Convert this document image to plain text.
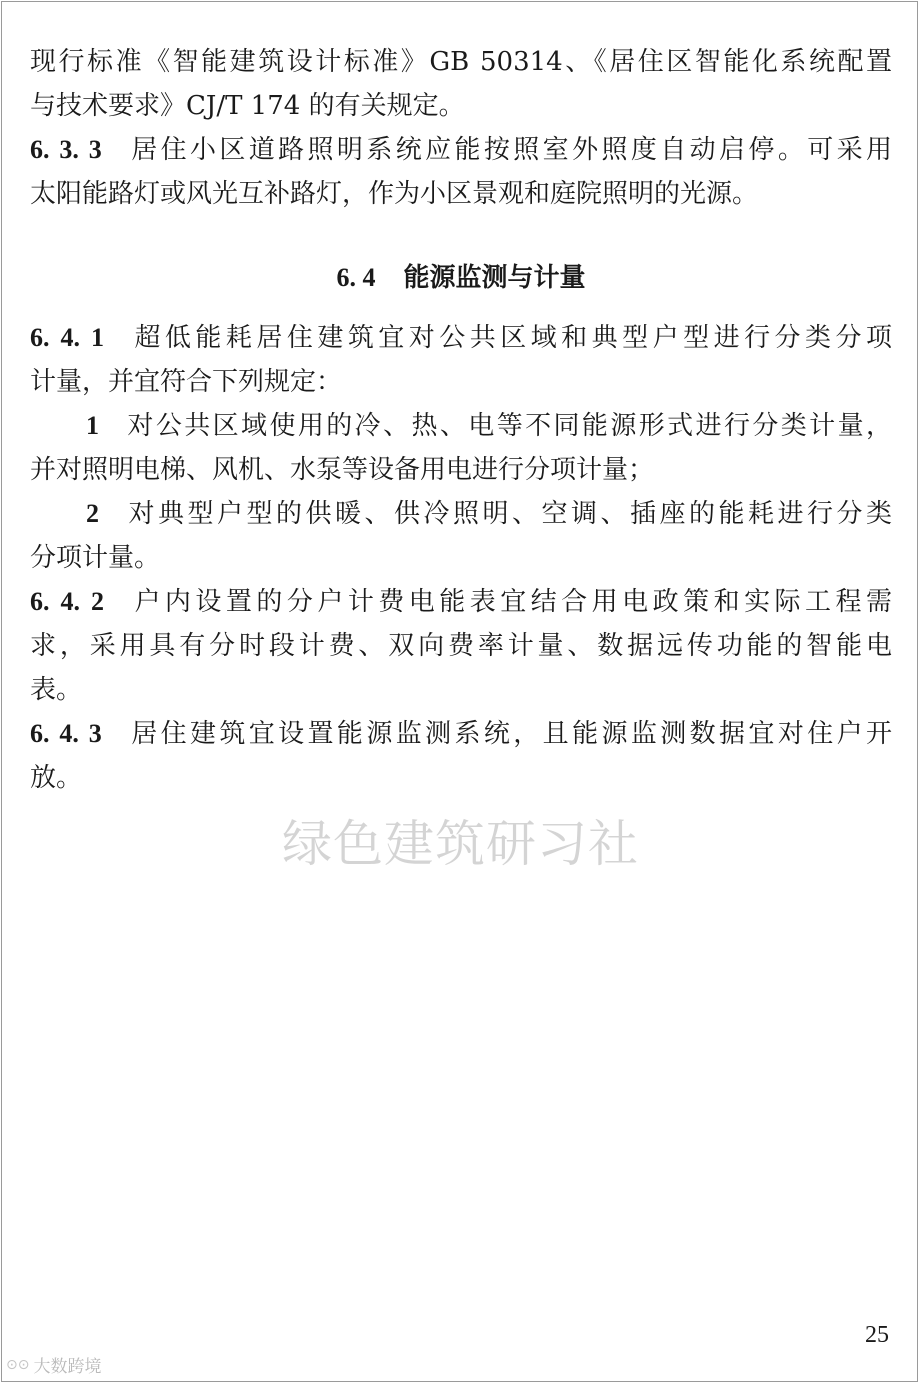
现行标准《智能建筑设计标准》GB 50314、《居住区智能化系统配置
与技术要求》CJ/T 174 的有关规定。
6. 3. 3 居住小区道路照明系统应能按照室外照度自动启停。可采用
太阳能路灯或风光互补路灯，作为小区景观和庭院照明的光源。
6. 4 能源监测与计量
6. 4. 1 超低能耗居住建筑宜对公共区域和典型户型进行分类分项
计量，并宜符合下列规定：
1 对公共区域使用的冷、热、电等不同能源形式进行分类计量，
并对照明电梯、风机、水泵等设备用电进行分项计量；
2 对典型户型的供暖、供冷照明、空调、插座的能耗进行分类
分项计量。
6. 4. 2 户内设置的分户计费电能表宜结合用电政策和实际工程需
求，采用具有分时段计费、双向费率计量、数据远传功能的智能电
表。
6. 4. 3 居住建筑宜设置能源监测系统，且能源监测数据宜对住户开
放。
绿色建筑研习社
25
⊙⊙ 大数跨境
